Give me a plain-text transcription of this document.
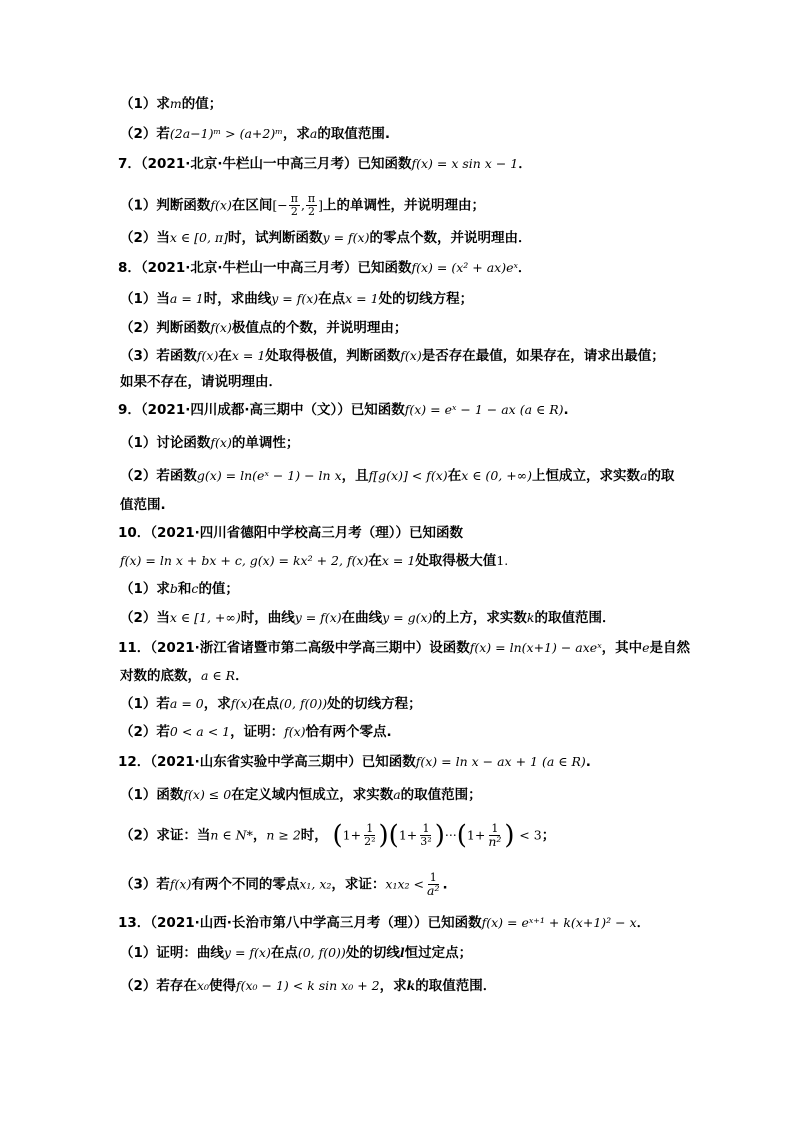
（1）求m的值；
（2）若(2a−1)ᵐ > (a+2)ᵐ，求a的取值范围.
7．（2021·北京·牛栏山一中高三月考）已知函数f(x) = x sin x − 1．
（1）判断函数f(x)在区间[− $\frac{\pi}{2}$ , $\frac{\pi}{2}$ ]上的单调性，并说明理由；
（2）当x ∈ [0, π]时，试判断函数y = f(x)的零点个数，并说明理由．
8．（2021·北京·牛栏山一中高三月考）已知函数f(x) = (x² + ax)eˣ．
（1）当a = 1时，求曲线y = f(x)在点x = 1处的切线方程；
（2）判断函数f(x)极值点的个数，并说明理由；
（3）若函数f(x)在x = 1处取得极值，判断函数f(x)是否存在最值，如果存在，请求出最值；
如果不存在，请说明理由．
9．（2021·四川成都·高三期中（文））已知函数f(x) = eˣ − 1 − ax (a ∈ R).
（1）讨论函数f(x)的单调性；
（2）若函数g(x) = ln(eˣ − 1) − ln x，且f[g(x)] < f(x)在x ∈ (0, +∞)上恒成立，求实数a的取
值范围.
10．（2021·四川省德阳中学校高三月考（理））已知函数
f(x) = ln x + bx + c, g(x) = kx² + 2, f(x)在x = 1处取得极大值1.
（1）求b和c的值；
（2）当x ∈ [1, +∞)时，曲线y = f(x)在曲线y = g(x)的上方，求实数k的取值范围．
11．（2021·浙江省诸暨市第二高级中学高三期中）设函数f(x) = ln(x+1) − axeˣ，其中e是自然
对数的底数，a ∈ R．
（1）若a = 0，求f(x)在点(0, f(0))处的切线方程；
（2）若0 < a < 1，证明：f(x)恰有两个零点.
12．（2021·山东省实验中学高三期中）已知函数f(x) = ln x − ax + 1 (a ∈ R).
（1）函数f(x) ≤ 0在定义域内恒成立，求实数a的取值范围；
（2）求证：当n ∈ N*，n ≥ 2时， $(1+ \frac{1}{\text{2²}} )(1+ \frac{1}{\text{3²}} )\cdot\cdot\cdot(1+ \frac{1}{\text{n²}}$ ) < 3；
（3）若f(x)有两个不同的零点x₁, x₂，求证：$x_1x_2 < \frac{1}{\text{a²}}$ .
13．（2021·山西·长治市第八中学高三月考（理））已知函数f(x) = eˣ⁺¹ + k(x+1)² − x．
（1）证明：曲线y = f(x)在点(0, f(0))处的切线l恒过定点；
（2）若存在x₀使得f(x₀ − 1) < k sin x₀ + 2，求k的取值范围．
